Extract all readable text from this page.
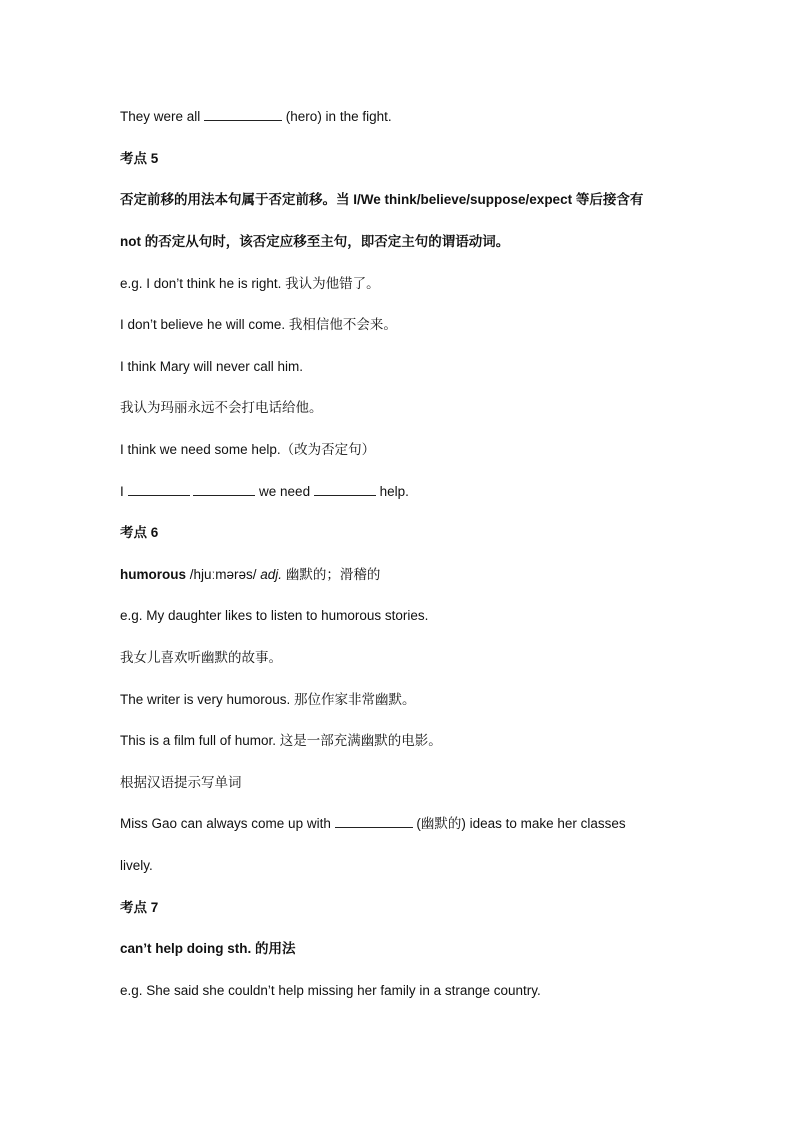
They were all	(hero) in the fight.
考点 5
否定前移的用法本句属于否定前移。当 I/We think/believe/suppose/expect 等后接含有
not 的否定从句时，该否定应移至主句，即否定主句的谓语动词。
e.g. I don’t think he is right. 我认为他错了。
I don’t believe he will come. 我相信他不会来。
I think Mary will never call him.
我认为玛丽永远不会打电话给他。
I think we need some help.（改为否定句）
I	we need	help.
考点 6
humorous /hjuːmərəs/ adj. 幽默的；滑稽的
e.g. My daughter likes to listen to humorous stories.
我女儿喜欢听幽默的故事。
The writer is very humorous. 那位作家非常幽默。
This is a film full of humor. 这是一部充满幽默的电影。
根据汉语提示写单词
Miss Gao can always come up with	(幽默的) ideas to make her classes
lively.
考点 7
can’t help doing sth. 的用法
e.g. She said she couldn’t help missing her family in a strange country.
